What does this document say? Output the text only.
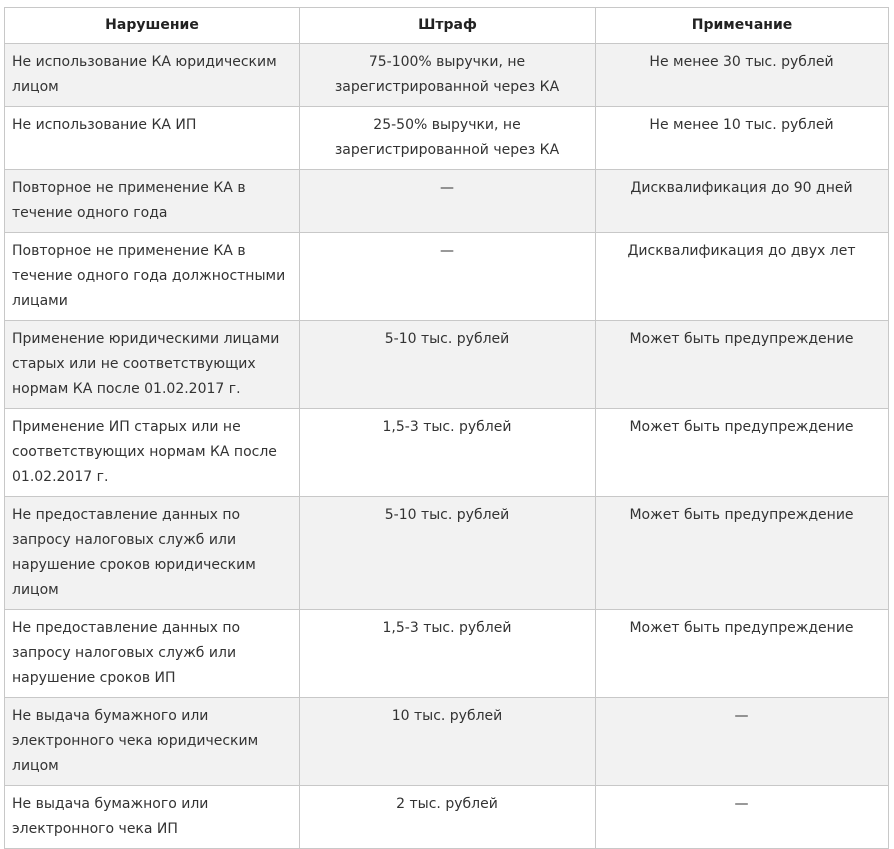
Нарушение	Штраф	Примечание
Не использование КА юридическим лицом	75-100% выручки, не зарегистрированной через КА	Не менее 30 тыс. рублей
Не использование КА ИП	25-50% выручки, не зарегистрированной через КА	Не менее 10 тыс. рублей
Повторное не применение КА в течение одного года	—	Дисквалификация до 90 дней
Повторное не применение КА в течение одного года должностными лицами	—	Дисквалификация до двух лет
Применение юридическими лицами старых или не соответствующих нормам КА после 01.02.2017 г.	5-10 тыс. рублей	Может быть предупреждение
Применение ИП старых или не соответствующих нормам КА после 01.02.2017 г.	1,5-3 тыс. рублей	Может быть предупреждение
Не предоставление данных по запросу налоговых служб или нарушение сроков юридическим лицом	5-10 тыс. рублей	Может быть предупреждение
Не предоставление данных по запросу налоговых служб или нарушение сроков ИП	1,5-3 тыс. рублей	Может быть предупреждение
Не выдача бумажного или электронного чека юридическим лицом	10 тыс. рублей	—
Не выдача бумажного или электронного чека ИП	2 тыс. рублей	—
